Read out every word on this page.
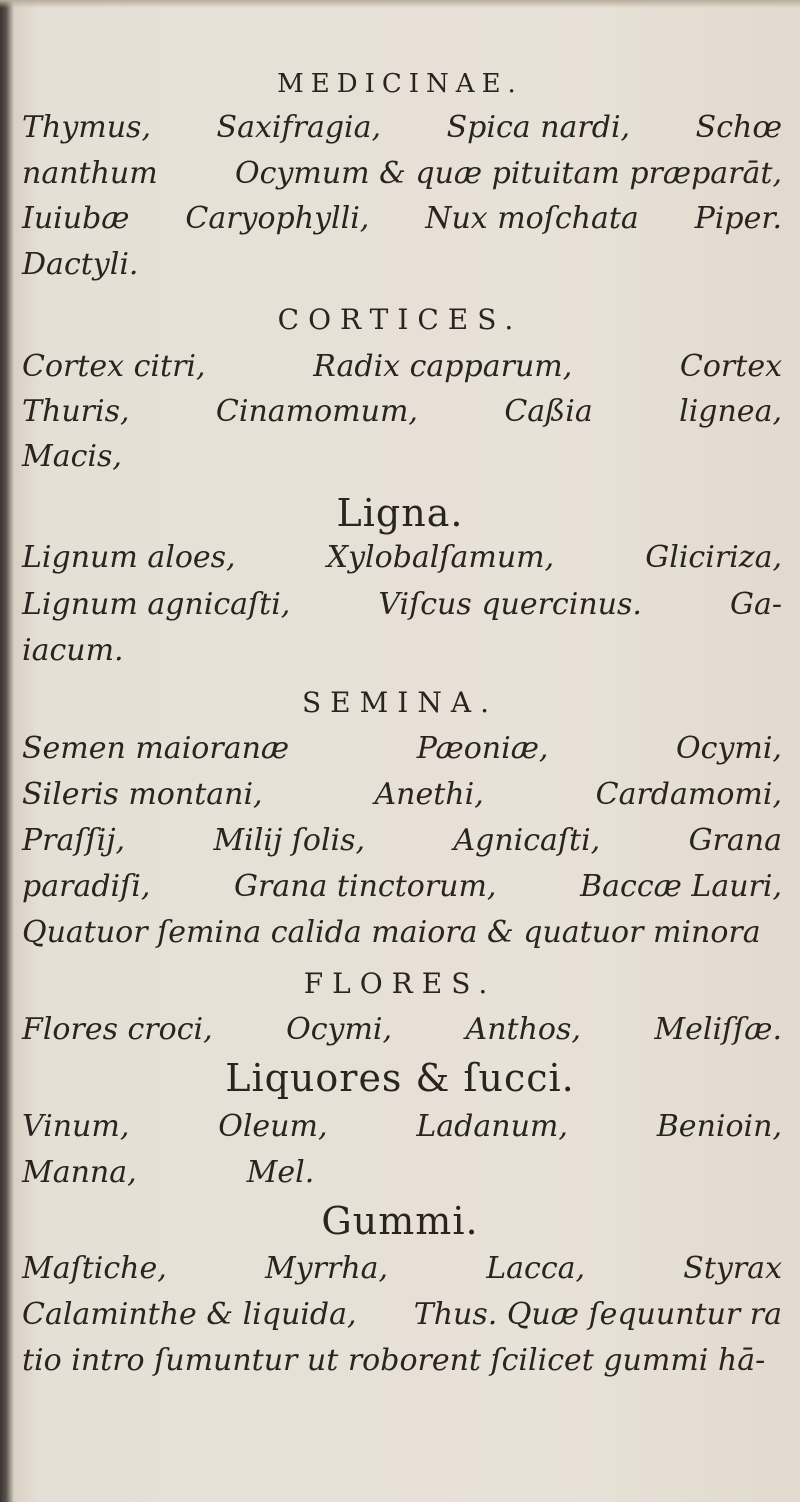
MEDICINAE.
Thymus, Saxifragia, Spica nardi, Schœ
nanthum	Ocymum & quæ pituitam præparāt,
Iuiubæ Caryophylli, Nux moſchata Piper.
Dactyli.
CORTICES.
Cortex citri,	Radix capparum,	Cortex
Thuris,	Cinamomum,	Caßia	lignea,
Macis,
Ligna.
Lignum aloes,	Xylobalſamum,	Gliciriza,
Lignum agnicaſti,	Viſcus quercinus.	Ga-
iacum.
SEMINA.
Semen maioranæ	Pæoniæ,	Ocymi,
Sileris montani,	Anethi,	Cardamomi,
Praſſij,	Milij ſolis,	Agnicaſti,	Grana
paradiſi,	Grana tinctorum,	Baccæ Lauri,
Quatuor ſemina calida maiora & quatuor minora
FLORES.
Flores croci, Ocymi, Anthos, Meliſſæ.
Liquores & ſucci.
Vinum,	Oleum,	Ladanum,	Benioin,
Manna,	Mel.
Gummi.
Maſtiche,	Myrrha,	Lacca,	Styrax
Calaminthe & liquida, Thus. Quæ ſequuntur ra
tio intro ſumuntur ut roborent ſcilicet gummi hā-
